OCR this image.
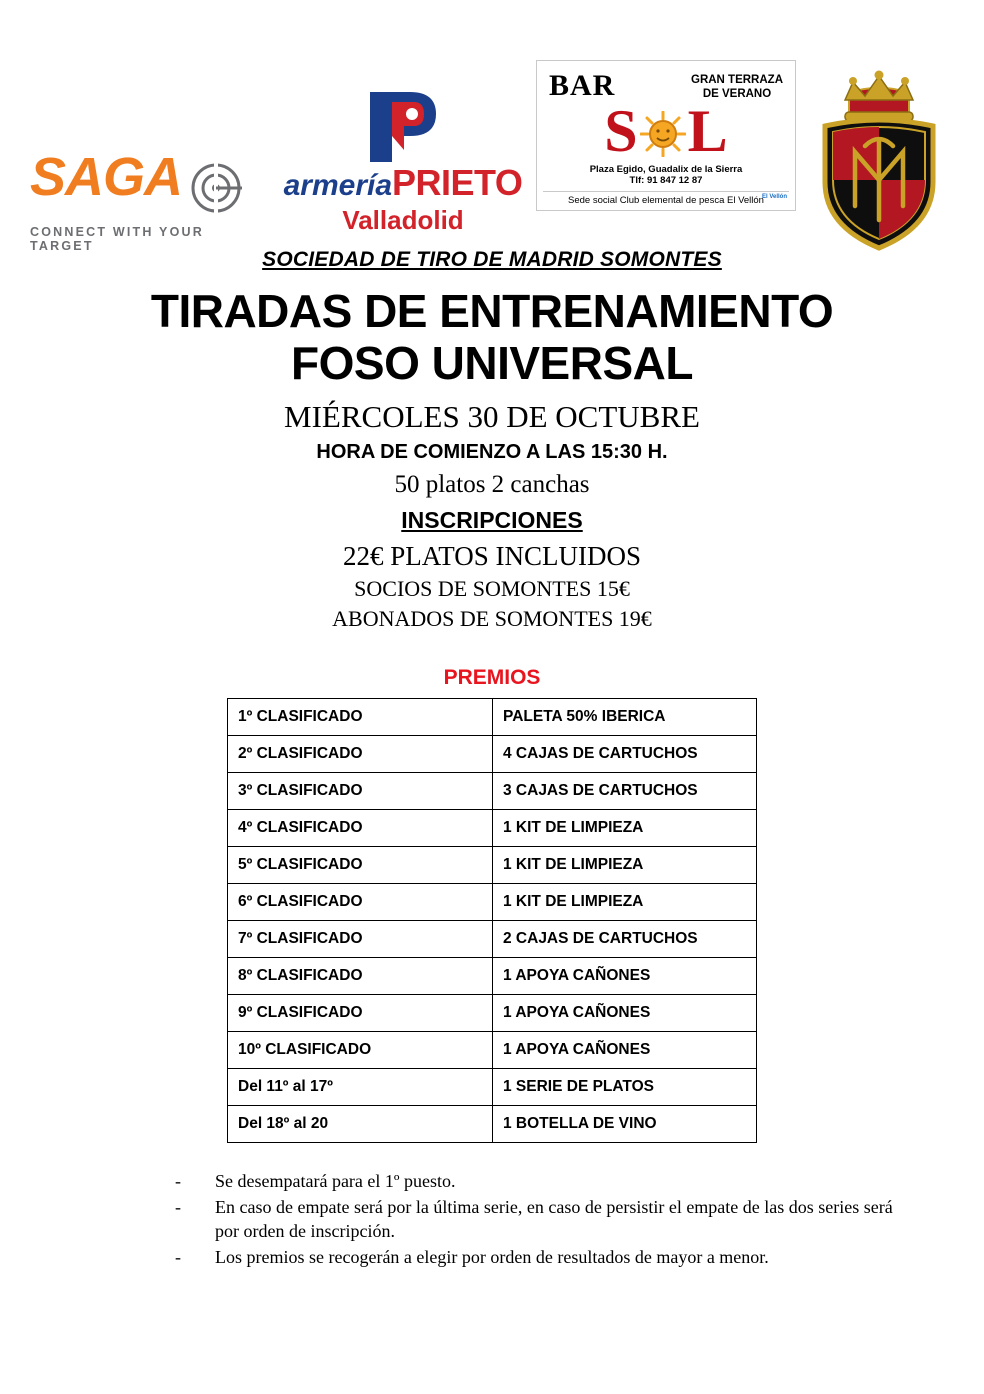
SAGA
CONNECT WITH YOUR TARGET
armeríaPRIETO
Valladolid
BAR	GRAN TERRAZA
DE VERANO
S L
Plaza Egido, Guadalix de la Sierra
Tlf: 91 847 12 87
Sede social Club elemental de pesca El Vellón
El Vellón
SOCIEDAD DE TIRO DE MADRID SOMONTES
TIRADAS DE ENTRENAMIENTO
FOSO UNIVERSAL
MIÉRCOLES 30 DE OCTUBRE
HORA DE COMIENZO A LAS 15:30 H.
50 platos 2 canchas
INSCRIPCIONES
22€ PLATOS INCLUIDOS
SOCIOS DE SOMONTES 15€
ABONADOS DE SOMONTES 19€
PREMIOS
1º CLASIFICADO	PALETA 50% IBERICA
2º CLASIFICADO	4 CAJAS DE CARTUCHOS
3º CLASIFICADO	3 CAJAS DE CARTUCHOS
4º CLASIFICADO	1 KIT DE LIMPIEZA
5º CLASIFICADO	1 KIT DE LIMPIEZA
6º CLASIFICADO	1 KIT DE LIMPIEZA
7º CLASIFICADO	2 CAJAS DE CARTUCHOS
8º CLASIFICADO	1 APOYA CAÑONES
9º CLASIFICADO	1 APOYA CAÑONES
10º CLASIFICADO	1 APOYA CAÑONES
Del 11º al 17º	1 SERIE DE PLATOS
Del 18º al 20	1 BOTELLA DE VINO
-	Se desempatará para el 1º puesto.
-	En caso de empate será por la última serie, en caso de persistir el empate de las dos series será por orden de inscripción.
-	Los premios se recogerán a elegir por orden de resultados de mayor a menor.
